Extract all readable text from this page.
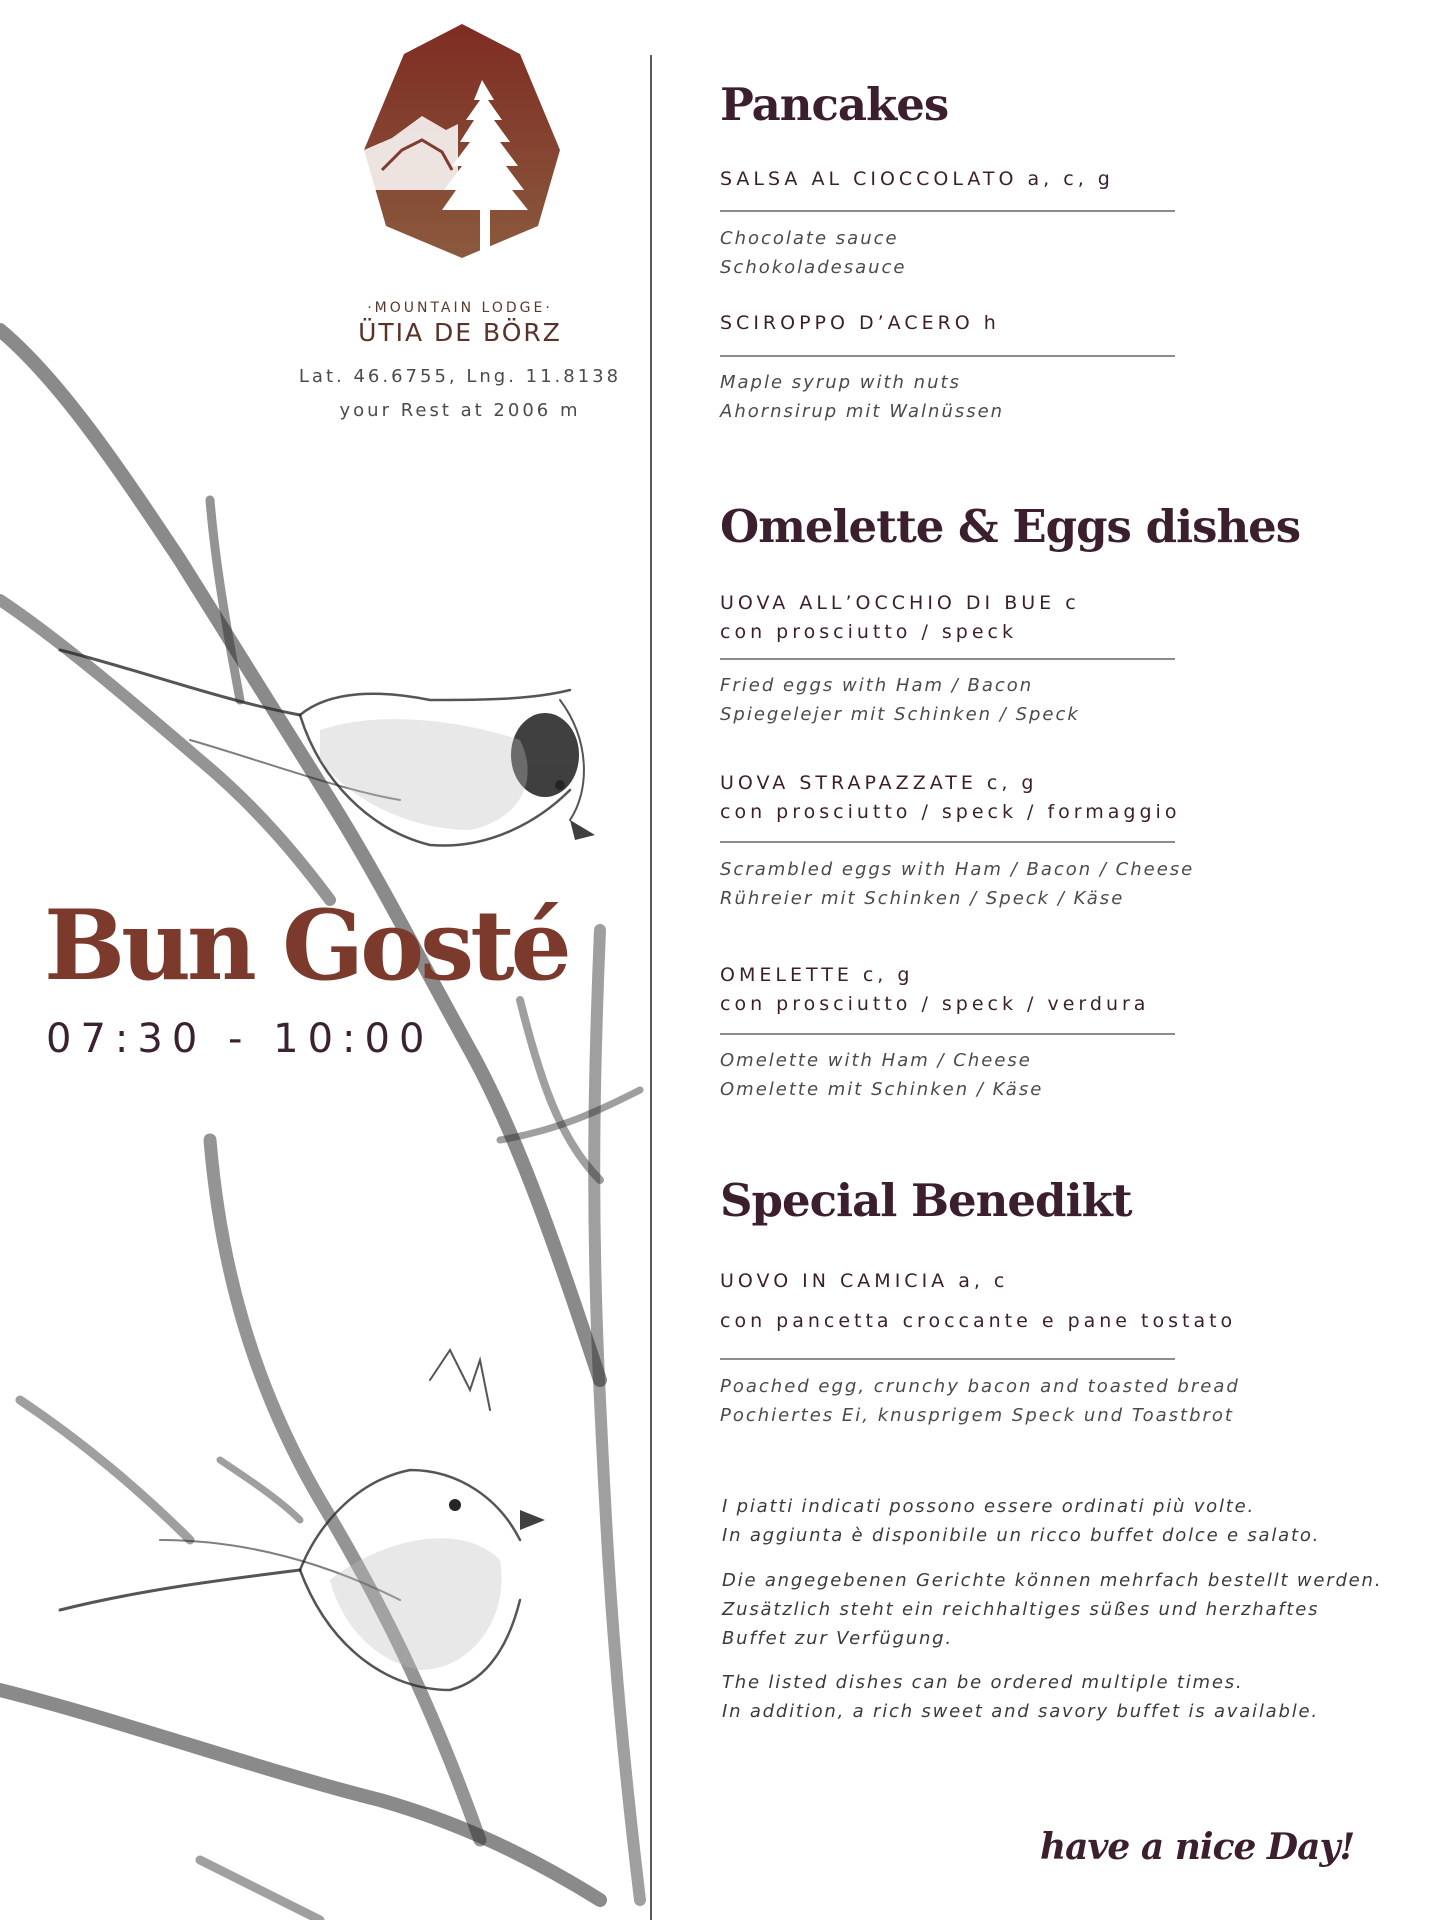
·MOUNTAIN LODGE·
ÜTIA DE BÖRZ
Lat. 46.6755, Lng. 11.8138
your Rest at 2006 m
Bun Gosté
07:30 - 10:00
Pancakes
SALSA AL CIOCCOLATO a, c, g
Chocolate sauce
Schokoladesauce
SCIROPPO D’ACERO h
Maple syrup with nuts
Ahornsirup mit Walnüssen
Omelette & Eggs dishes
UOVA ALL’OCCHIO DI BUE c
con prosciutto / speck
Fried eggs with Ham / Bacon
Spiegelejer mit Schinken / Speck
UOVA STRAPAZZATE c, g
con prosciutto / speck / formaggio
Scrambled eggs with Ham / Bacon / Cheese
Rühreier mit Schinken / Speck / Käse
OMELETTE c, g
con prosciutto / speck / verdura
Omelette with Ham / Cheese
Omelette mit Schinken / Käse
Special Benedikt
UOVO IN CAMICIA a, c
con pancetta croccante e pane tostato
Poached egg, crunchy bacon and toasted bread
Pochiertes Ei, knusprigem Speck und Toastbrot
I piatti indicati possono essere ordinati più volte.
In aggiunta è disponibile un ricco buffet dolce e salato.
Die angegebenen Gerichte können mehrfach bestellt werden.
Zusätzlich steht ein reichhaltiges süßes und herzhaftes
Buffet zur Verfügung.
The listed dishes can be ordered multiple times.
In addition, a rich sweet and savory buffet is available.
have a nice Day!
